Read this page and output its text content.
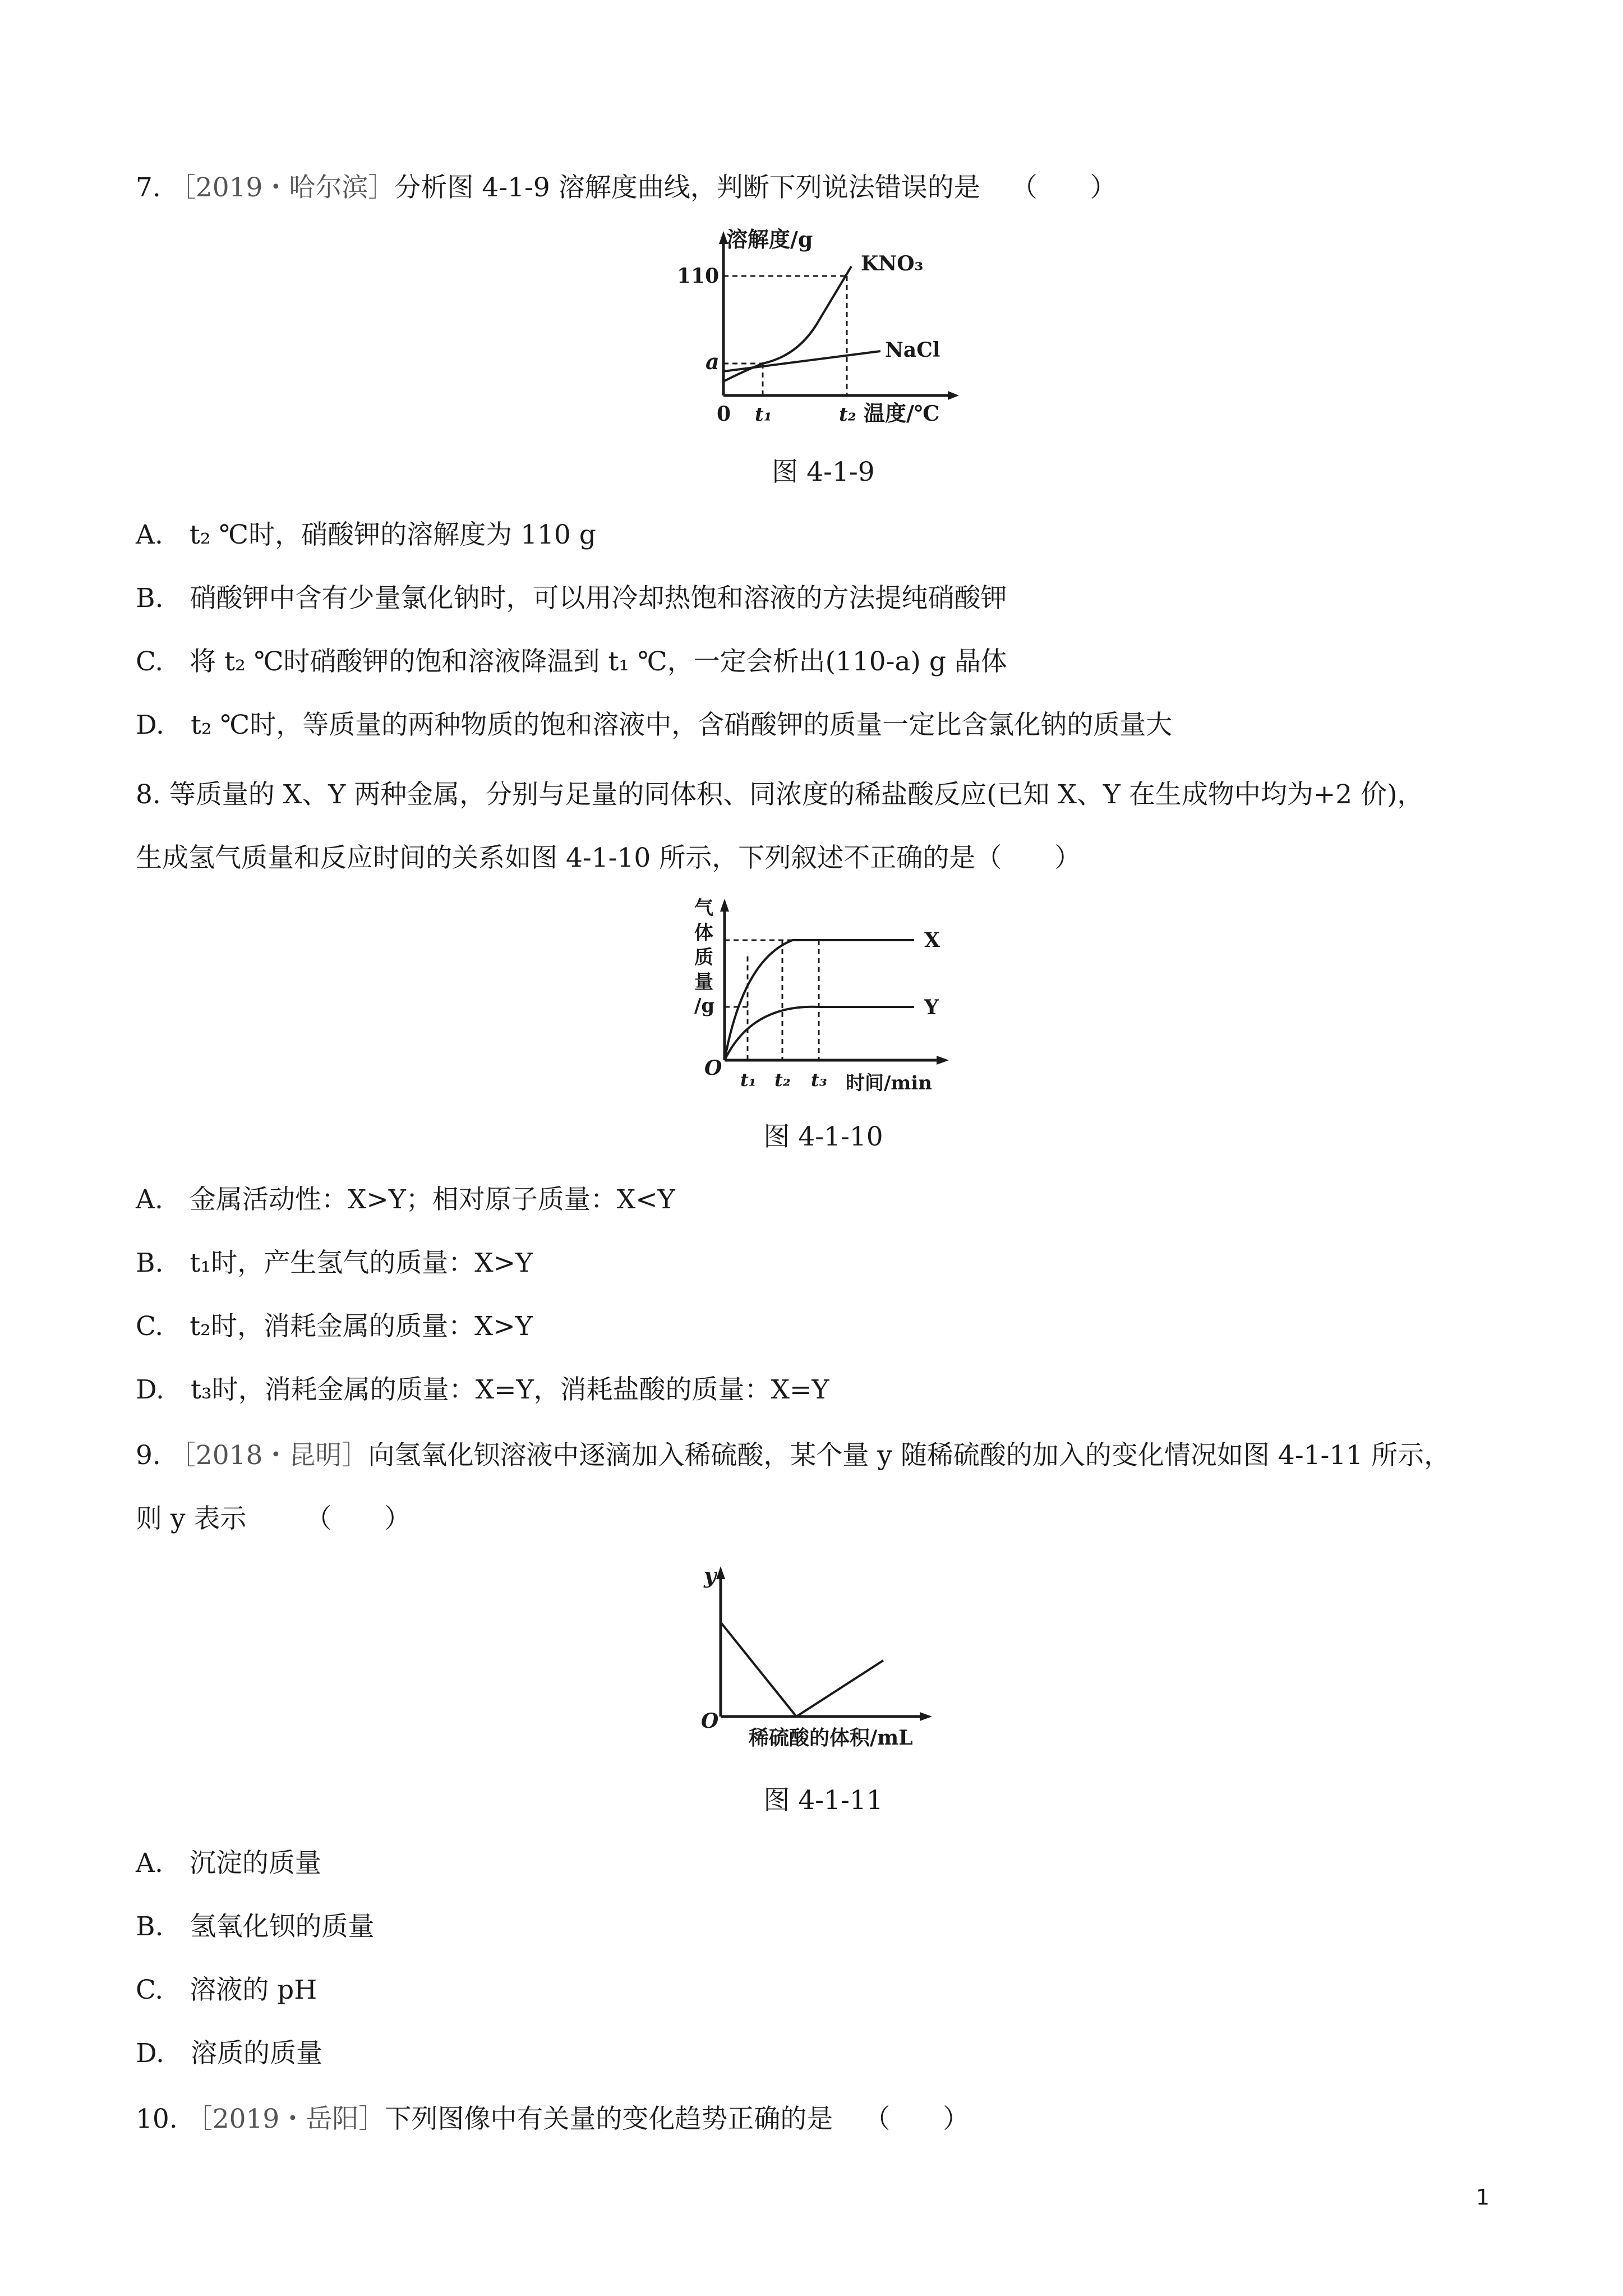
7. ［2019・哈尔滨］分析图 4-1-9 溶解度曲线，判断下列说法错误的是 （　　）
溶解度/g
110
a
0 t₁	t₂ 温度/℃
KNO₃
NaCl
图 4-1-9
A.　t₂ ℃时，硝酸钾的溶解度为 110 g
B.　硝酸钾中含有少量氯化钠时，可以用冷却热饱和溶液的方法提纯硝酸钾
C.　将 t₂ ℃时硝酸钾的饱和溶液降温到 t₁ ℃，一定会析出(110-a) g 晶体
D.　t₂ ℃时，等质量的两种物质的饱和溶液中，含硝酸钾的质量一定比含氯化钠的质量大
8. 等质量的 X、Y 两种金属，分别与足量的同体积、同浓度的稀盐酸反应(已知 X、Y 在生成物中均为+2 价)，
生成氢气质量和反应时间的关系如图 4-1-10 所示，下列叙述不正确的是（　　）
气
体
质
量
/g
O t₁ t₂ t₃ 时间/min
X
Y
图 4-1-10
A.　金属活动性：X>Y；相对原子质量：X<Y
B.　t₁时，产生氢气的质量：X>Y
C.　t₂时，消耗金属的质量：X>Y
D.　t₃时，消耗金属的质量：X=Y，消耗盐酸的质量：X=Y
9. ［2018・昆明］向氢氧化钡溶液中逐滴加入稀硫酸，某个量 y 随稀硫酸的加入的变化情况如图 4-1-11 所示，
则 y 表示 （　　）
y
O
稀硫酸的体积/mL
图 4-1-11
A.　沉淀的质量
B.　氢氧化钡的质量
C.　溶液的 pH
D.　溶质的质量
10. ［2019・岳阳］下列图像中有关量的变化趋势正确的是 （　　）
1
